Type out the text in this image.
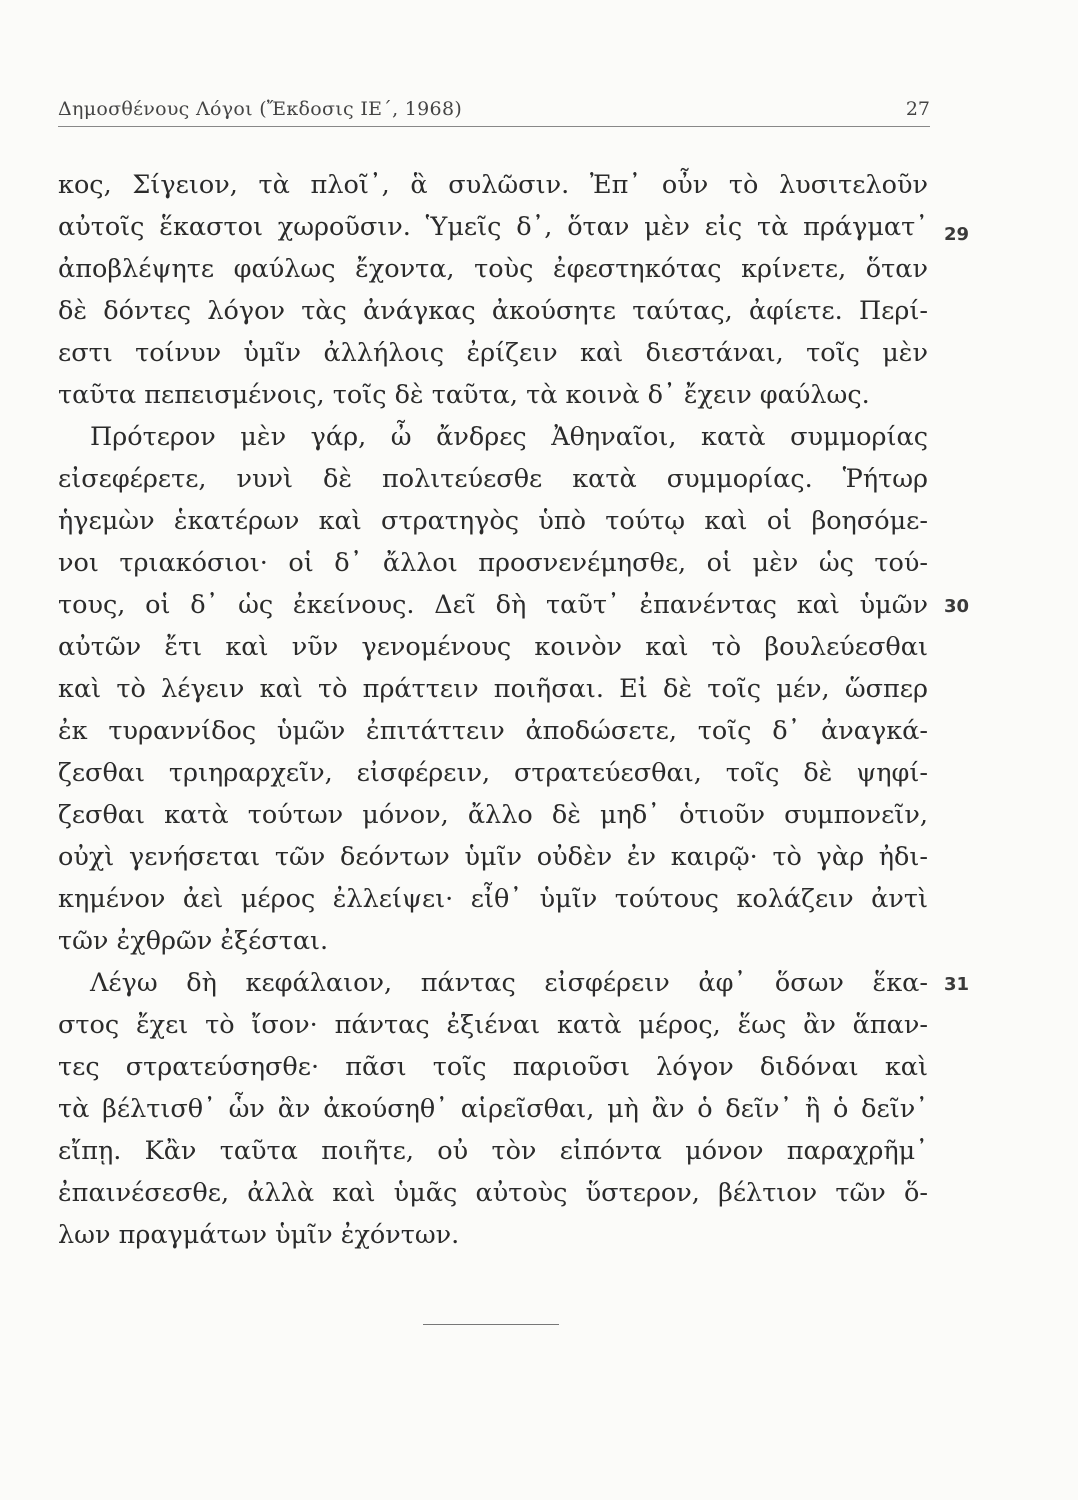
Δημοσθένους Λόγοι (Ἔκδοσις ΙΕ΄, 1968)	27
κος, Σίγειον, τὰ πλοῖ᾽, ἃ συλῶσιν. Ἐπ᾽ οὖν τὸ λυσιτελοῦν
αὐτοῖς ἕκαστοι χωροῦσιν. Ὑμεῖς δ᾽, ὅταν μὲν εἰς τὰ πράγματ᾽
ἀποβλέψητε φαύλως ἔχοντα, τοὺς ἐφεστηκότας κρίνετε, ὅταν
δὲ δόντες λόγον τὰς ἀνάγκας ἀκούσητε ταύτας, ἀφίετε. Περί-
εστι τοίνυν ὑμῖν ἀλλήλοις ἐρίζειν καὶ διεστάναι, τοῖς μὲν
ταῦτα πεπεισμένοις, τοῖς δὲ ταῦτα, τὰ κοινὰ δ᾽ ἔχειν φαύλως.
Πρότερον μὲν γάρ, ὦ ἄνδρες Ἀθηναῖοι, κατὰ συμμορίας
εἰσεφέρετε, νυνὶ δὲ πολιτεύεσθε κατὰ συμμορίας. Ῥήτωρ
ἡγεμὼν ἑκατέρων καὶ στρατηγὸς ὑπὸ τούτῳ καὶ οἱ βοησόμε-
νοι τριακόσιοι· οἱ δ᾽ ἄλλοι προσνενέμησθε, οἱ μὲν ὡς τού-
τους, οἱ δ᾽ ὡς ἐκείνους. Δεῖ δὴ ταῦτ᾽ ἐπανέντας καὶ ὑμῶν
αὐτῶν ἔτι καὶ νῦν γενομένους κοινὸν καὶ τὸ βουλεύεσθαι
καὶ τὸ λέγειν καὶ τὸ πράττειν ποιῆσαι. Εἰ δὲ τοῖς μέν, ὥσπερ
ἐκ τυραννίδος ὑμῶν ἐπιτάττειν ἀποδώσετε, τοῖς δ᾽ ἀναγκά-
ζεσθαι τριηραρχεῖν, εἰσφέρειν, στρατεύεσθαι, τοῖς δὲ ψηφί-
ζεσθαι κατὰ τούτων μόνον, ἄλλο δὲ μηδ᾽ ὁτιοῦν συμπονεῖν,
οὐχὶ γενήσεται τῶν δεόντων ὑμῖν οὐδὲν ἐν καιρῷ· τὸ γὰρ ἠδι-
κημένον ἀεὶ μέρος ἐλλείψει· εἶθ᾽ ὑμῖν τούτους κολάζειν ἀντὶ
τῶν ἐχθρῶν ἐξέσται.
Λέγω δὴ κεφάλαιον, πάντας εἰσφέρειν ἀφ᾽ ὅσων ἕκα-
στος ἔχει τὸ ἴσον· πάντας ἐξιέναι κατὰ μέρος, ἕως ἂν ἅπαν-
τες στρατεύσησθε· πᾶσι τοῖς παριοῦσι λόγον διδόναι καὶ
τὰ βέλτισθ᾽ ὧν ἂν ἀκούσηθ᾽ αἱρεῖσθαι, μὴ ἂν ὁ δεῖν᾽ ἢ ὁ δεῖν᾽
εἴπῃ. Κἂν ταῦτα ποιῆτε, οὐ τὸν εἰπόντα μόνον παραχρῆμ᾽
ἐπαινέσεσθε, ἀλλὰ καὶ ὑμᾶς αὐτοὺς ὕστερον, βέλτιον τῶν ὅ-
λων πραγμάτων ὑμῖν ἐχόντων.
29
30
31
